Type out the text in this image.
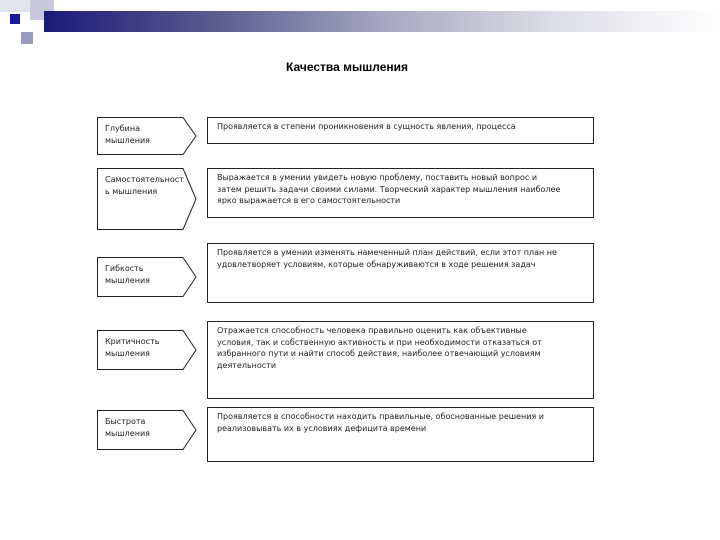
Качества мышления
Глубина
мышления
Проявляется в степени проникновения в сущность явления, процесса
Самостоятельност
ь мышления
Выражается в умении увидеть новую проблему, поставить новый вопрос и
затем решить задачи своими силами. Творческий характер мышления наиболее
ярко выражается в его самостоятельности
Гибкость
мышления
Проявляется в умении изменять намеченный план действий, если этот план не
удовлетворяет условиям, которые обнаруживаются в ходе решения задач
Критичность
мышления
Отражается способность человека правильно оценить как объективные
условия, так и собственную активность и при необходимости отказаться от
избранного пути и найти способ действия, наиболее отвечающий условиям
деятельности
Быстрота
мышления
Проявляется в способности находить правильные, обоснованные решения и
реализовывать их в условиях дефицита времени
